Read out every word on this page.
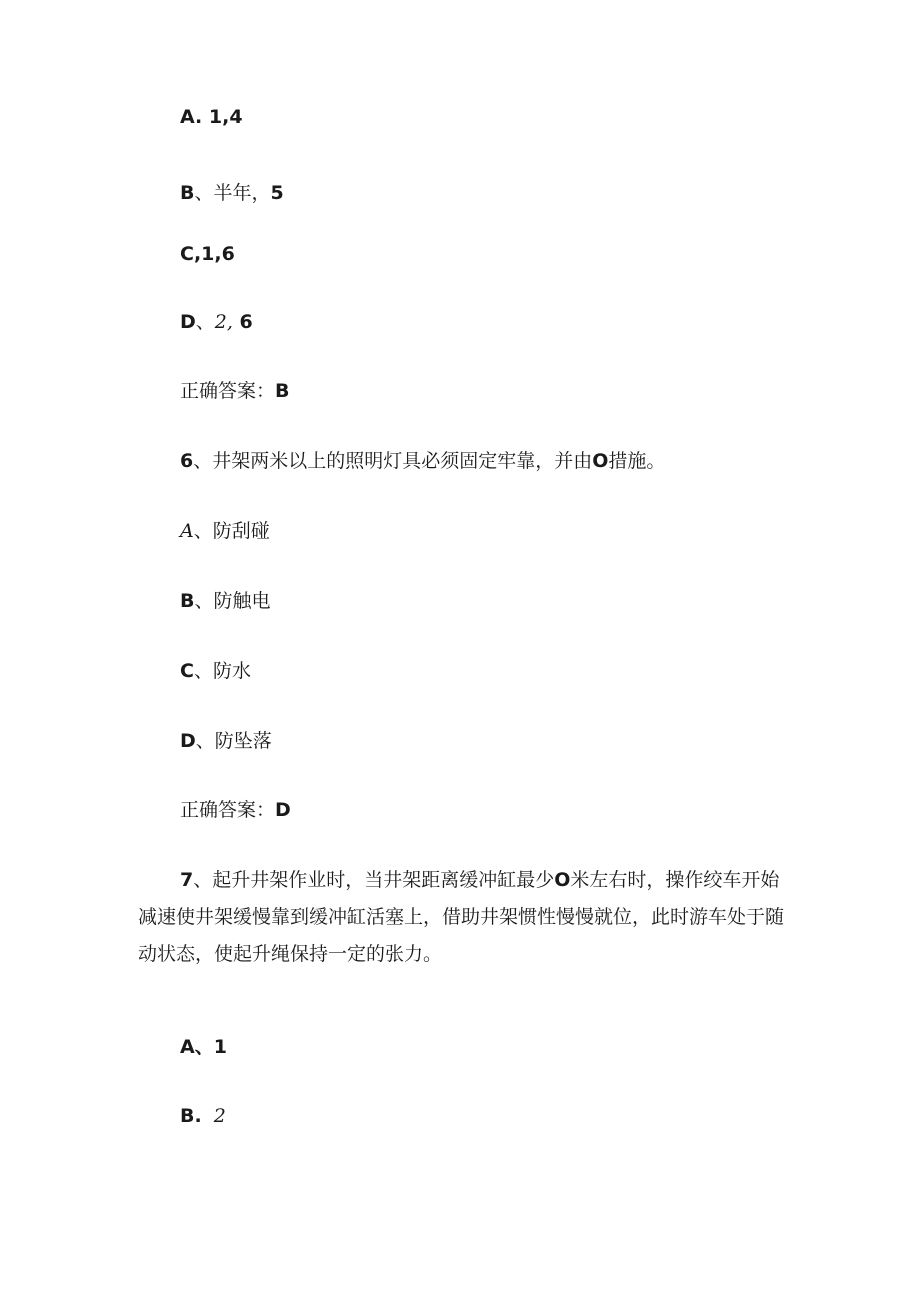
A. 1,4
B、半年，5
C,1,6
D、2, 6
正确答案：B
6、井架两米以上的照明灯具必须固定牢靠，并由O措施。
A、防刮碰
B、防触电
C、防水
D、防坠落
正确答案：D
7、起升井架作业时，当井架距离缓冲缸最少O米左右时，操作绞车开始减速使井架缓慢靠到缓冲缸活塞上，借助井架惯性慢慢就位，此时游车处于随动状态，使起升绳保持一定的张力。
A、1
B. 2
